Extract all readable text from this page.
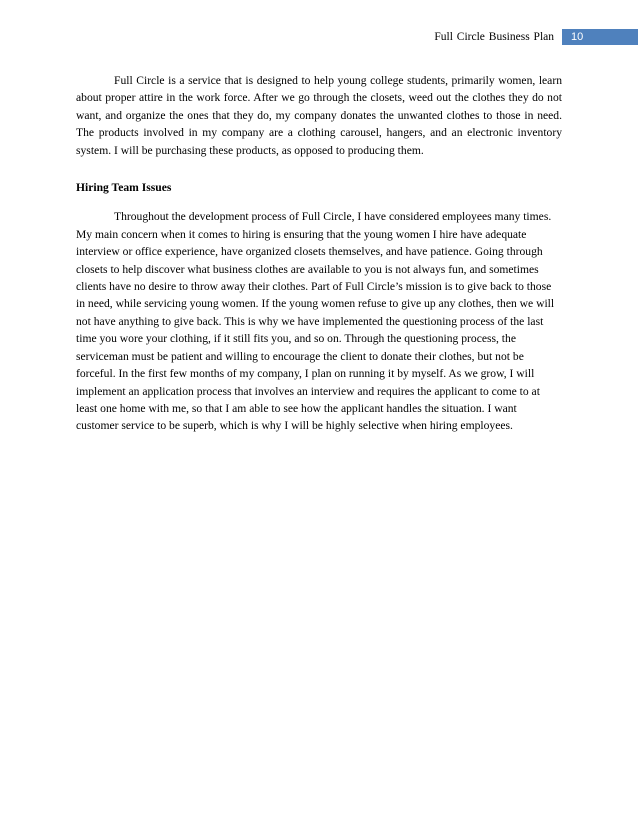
Full Circle Business Plan	10

Full Circle is a service that is designed to help young college students, primarily women, learn about proper attire in the work force. After we go through the closets, weed out the clothes they do not want, and organize the ones that they do, my company donates the unwanted clothes to those in need. The products involved in my company are a clothing carousel, hangers, and an electronic inventory system. I will be purchasing these products, as opposed to producing them.

Hiring Team Issues

Throughout the development process of Full Circle, I have considered employees many times. My main concern when it comes to hiring is ensuring that the young women I hire have adequate interview or office experience, have organized closets themselves, and have patience. Going through closets to help discover what business clothes are available to you is not always fun, and sometimes clients have no desire to throw away their clothes. Part of Full Circle’s mission is to give back to those in need, while servicing young women. If the young women refuse to give up any clothes, then we will not have anything to give back. This is why we have implemented the questioning process of the last time you wore your clothing, if it still fits you, and so on. Through the questioning process, the serviceman must be patient and willing to encourage the client to donate their clothes, but not be forceful. In the first few months of my company, I plan on running it by myself. As we grow, I will implement an application process that involves an interview and requires the applicant to come to at least one home with me, so that I am able to see how the applicant handles the situation. I want customer service to be superb, which is why I will be highly selective when hiring employees.
